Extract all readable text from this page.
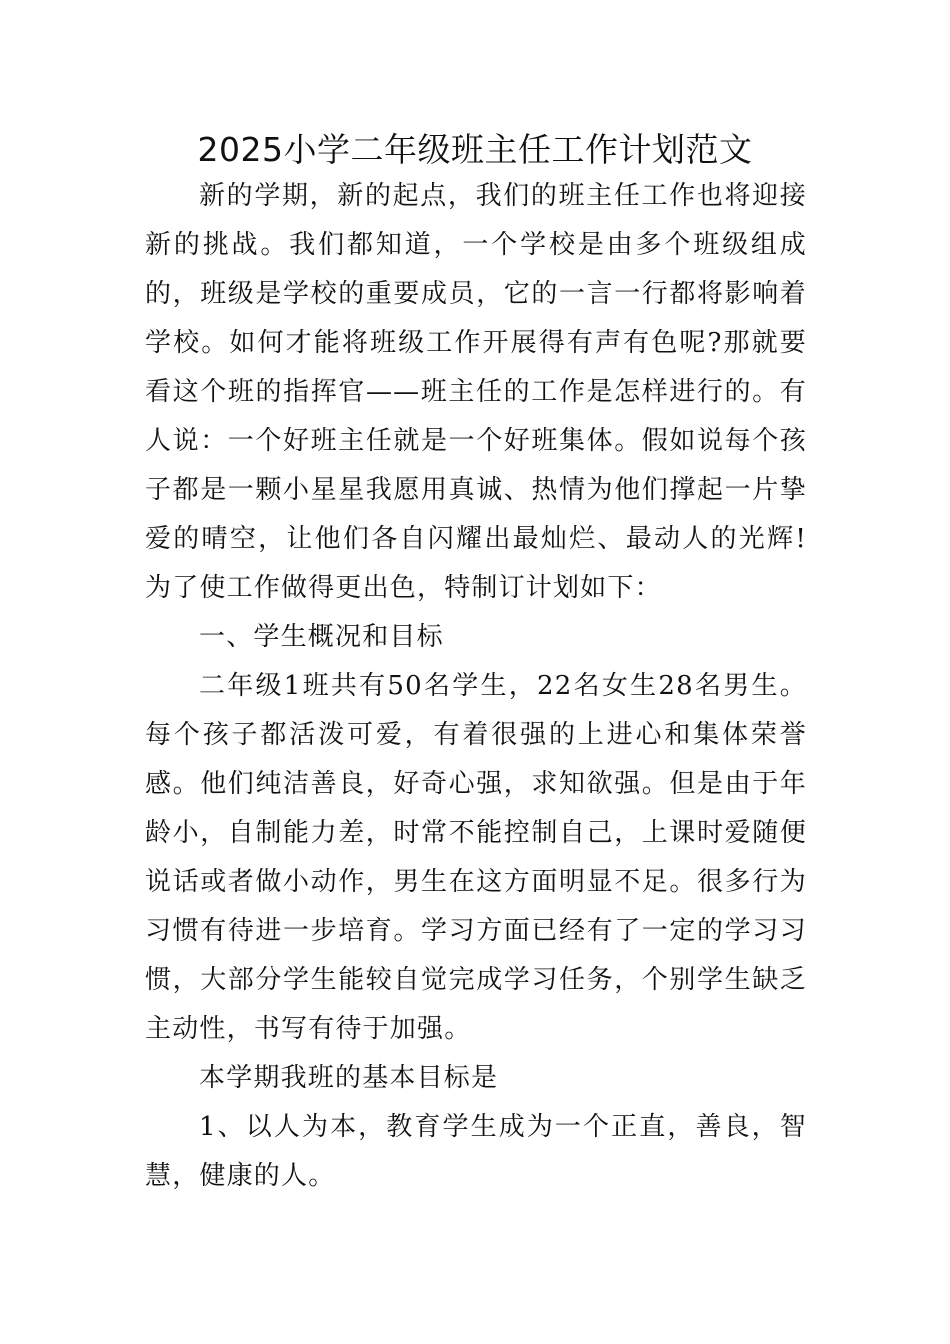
2025小学二年级班主任工作计划范文

新的学期，新的起点，我们的班主任工作也将迎接新的挑战。我们都知道，一个学校是由多个班级组成的，班级是学校的重要成员，它的一言一行都将影响着学校。如何才能将班级工作开展得有声有色呢?那就要看这个班的指挥官——班主任的工作是怎样进行的。有人说：一个好班主任就是一个好班集体。假如说每个孩子都是一颗小星星我愿用真诚、热情为他们撑起一片挚爱的晴空，让他们各自闪耀出最灿烂、最动人的光辉!为了使工作做得更出色，特制订计划如下：

一、学生概况和目标

二年级1班共有50名学生，22名女生28名男生。每个孩子都活泼可爱，有着很强的上进心和集体荣誉感。他们纯洁善良，好奇心强，求知欲强。但是由于年龄小，自制能力差，时常不能控制自己，上课时爱随便说话或者做小动作，男生在这方面明显不足。很多行为习惯有待进一步培育。学习方面已经有了一定的学习习惯，大部分学生能较自觉完成学习任务，个别学生缺乏主动性，书写有待于加强。

本学期我班的基本目标是

1、以人为本，教育学生成为一个正直，善良，智慧，健康的人。
